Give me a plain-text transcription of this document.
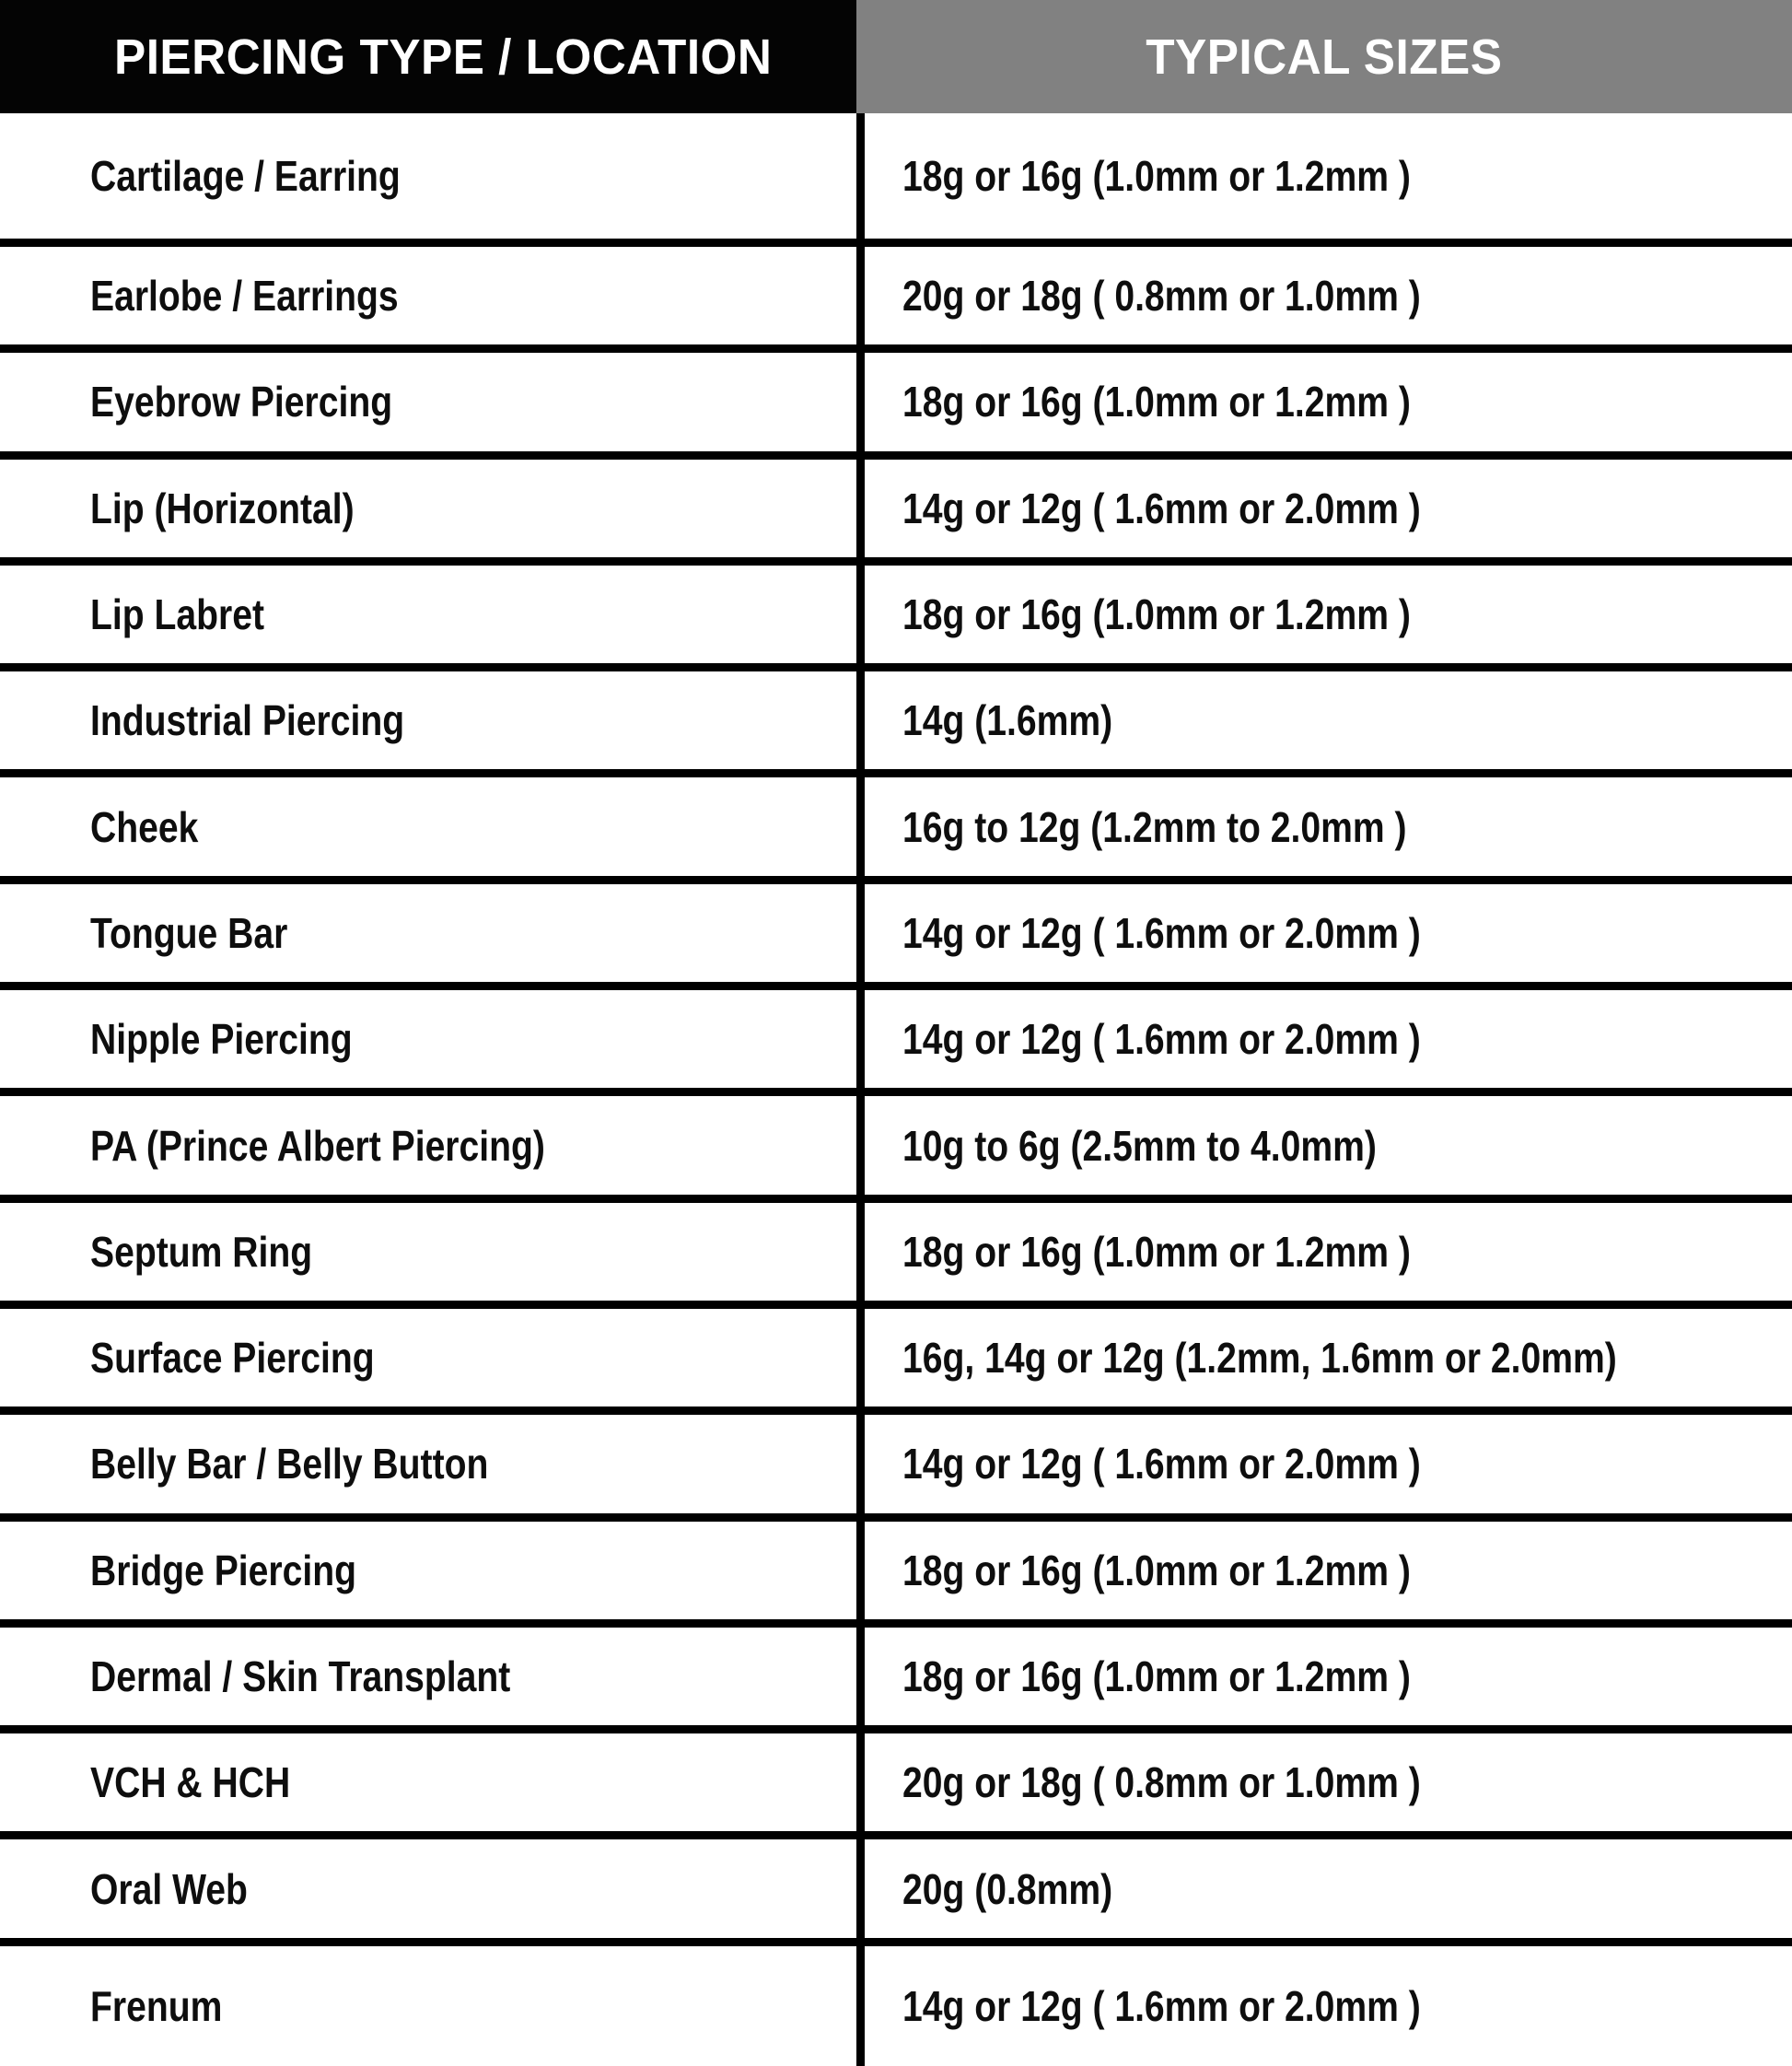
PIERCING TYPE / LOCATION	TYPICAL SIZES
Cartilage / Earring	18g or 16g (1.0mm or 1.2mm )
Earlobe / Earrings	20g or 18g ( 0.8mm or 1.0mm )
Eyebrow Piercing	18g or 16g (1.0mm or 1.2mm )
Lip (Horizontal)	14g or 12g ( 1.6mm or 2.0mm )
Lip Labret	18g or 16g (1.0mm or 1.2mm )
Industrial Piercing	14g (1.6mm)
Cheek	16g to 12g (1.2mm to 2.0mm )
Tongue Bar	14g or 12g ( 1.6mm or 2.0mm )
Nipple Piercing	14g or 12g ( 1.6mm or 2.0mm )
PA (Prince Albert Piercing)	10g to 6g (2.5mm to 4.0mm)
Septum Ring	18g or 16g (1.0mm or 1.2mm )
Surface Piercing	16g, 14g or 12g (1.2mm, 1.6mm or 2.0mm)
Belly Bar / Belly Button	14g or 12g ( 1.6mm or 2.0mm )
Bridge Piercing	18g or 16g (1.0mm or 1.2mm )
Dermal / Skin Transplant	18g or 16g (1.0mm or 1.2mm )
VCH & HCH	20g or 18g ( 0.8mm or 1.0mm )
Oral Web	20g (0.8mm)
Frenum	14g or 12g ( 1.6mm or 2.0mm )
